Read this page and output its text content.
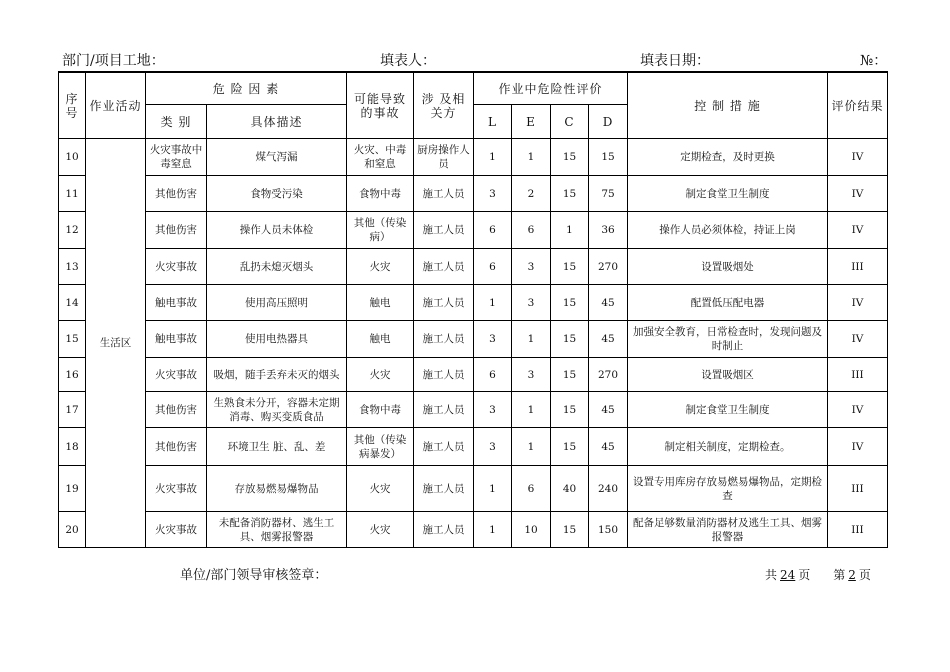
部门/项目工地：	填表人：	填表日期：	№：
序号	作业活动	危 险 因 素		可能导致的事故	涉 及相关方	作业中危险性评价				控 制 措 施	评价结果
		类 别	具体描述			L	E	C	D		
10	生活区	火灾事故中毒窒息	煤气泻漏	火灾、中毒和窒息	厨房操作人员	1	1	15	15	定期检查，及时更换	IV
11		其他伤害	食物受污染	食物中毒	施工人员	3	2	15	75	制定食堂卫生制度	IV
12		其他伤害	操作人员未体检	其他（传染病）	施工人员	6	6	1	36	操作人员必须体检，持证上岗	IV
13		火灾事故	乱扔未熄灭烟头	火灾	施工人员	6	3	15	270	设置吸烟处	III
14		触电事故	使用高压照明	触电	施工人员	1	3	15	45	配置低压配电器	IV
15		触电事故	使用电热器具	触电	施工人员	3	1	15	45	加强安全教育，日常检查时，发现问题及时制止	IV
16		火灾事故	吸烟，随手丢弃未灭的烟头	火灾	施工人员	6	3	15	270	设置吸烟区	III
17		其他伤害	生熟食未分开，容器未定期消毒、购买变质食品	食物中毒	施工人员	3	1	15	45	制定食堂卫生制度	IV
18		其他伤害	环境卫生 脏、乱、差	其他（传染病暴发）	施工人员	3	1	15	45	制定相关制度，定期检查。	IV
19		火灾事故	存放易燃易爆物品	火灾	施工人员	1	6	40	240	设置专用库房存放易燃易爆物品，定期检查	III
20		火灾事故	未配备消防器材、逃生工具、烟雾报警器	火灾	施工人员	1	10	15	150	配备足够数量消防器材及逃生工具、烟雾报警器	III
单位/部门领导审核签章：	共 24 页 第 2 页
